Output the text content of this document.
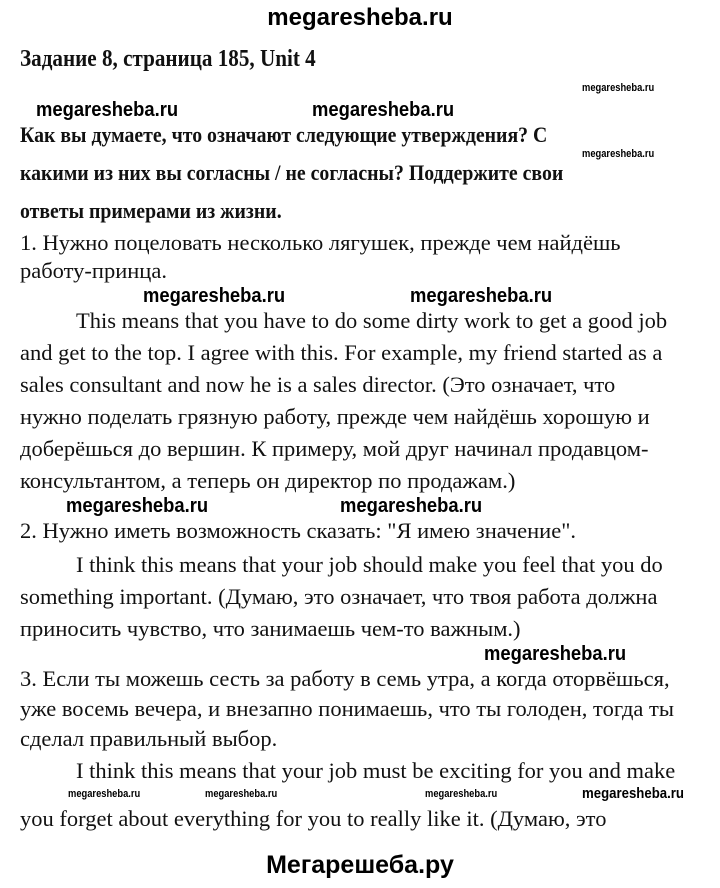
megaresheba.ru
Задание 8, страница 185, Unit 4
megaresheba.ru
megaresheba.ru	megaresheba.ru
Как вы думаете, что означают следующие утверждения? С
какими из них вы согласны / не согласны? Поддержите свои
ответы примерами из жизни.
megaresheba.ru
1. Нужно поцеловать несколько лягушек, прежде чем найдёшь
работу-принца.
megaresheba.ru	megaresheba.ru
This means that you have to do some dirty work to get a good job
and get to the top. I agree with this. For example, my friend started as a
sales consultant and now he is a sales director. (Это означает, что
нужно поделать грязную работу, прежде чем найдёшь хорошую и
доберёшься до вершин. К примеру, мой друг начинал продавцом-
консультантом, а теперь он директор по продажам.)
megaresheba.ru	megaresheba.ru
2. Нужно иметь возможность сказать: "Я имею значение".
I think this means that your job should make you feel that you do
something important. (Думаю, это означает, что твоя работа должна
приносить чувство, что занимаешь чем-то важным.)
megaresheba.ru
3. Если ты можешь сесть за работу в семь утра, а когда оторвёшься,
уже восемь вечера, и внезапно понимаешь, что ты голоден, тогда ты
сделал правильный выбор.
I think this means that your job must be exciting for you and make
megaresheba.ru	megaresheba.ru	megaresheba.ru	megaresheba.ru
you forget about everything for you to really like it. (Думаю, это
Мегарешеба.ру
